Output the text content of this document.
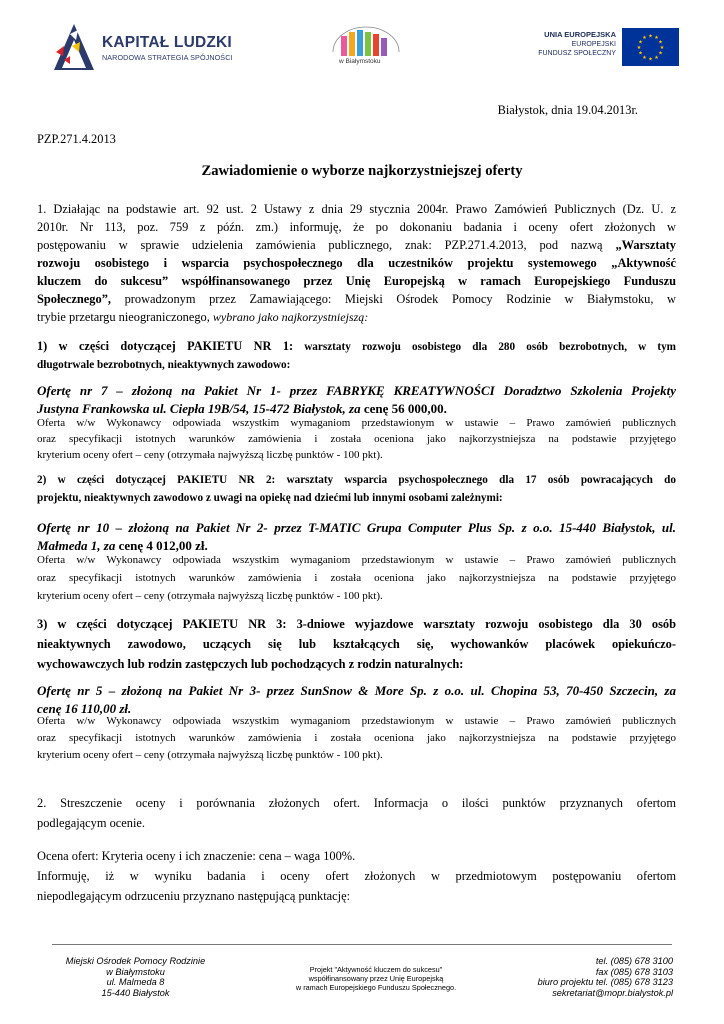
KAPITAŁ LUDZKI
NARODOWA STRATEGIA SPÓJNOŚCI	w Białymstoku
UNIA EUROPEJSKA
EUROPEJSKI
FUNDUSZ SPOŁECZNY
★ ★
★
★
★
★
★
★
★
★
★
★
Białystok, dnia 19.04.2013r.
PZP.271.4.2013
Zawiadomienie o wyborze najkorzystniejszej oferty
1. Działając na podstawie art. 92 ust. 2 Ustawy z dnia 29 stycznia 2004r. Prawo Zamówień Publicznych (Dz. U. z
2010r. Nr 113, poz. 759 z późn. zm.) informuję, że po dokonaniu badania i oceny ofert złożonych w
postępowaniu w sprawie udzielenia zamówienia publicznego, znak: PZP.271.4.2013, pod nazwą „Warsztaty
rozwoju osobistego i wsparcia psychospołecznego dla uczestników projektu systemowego „Aktywność
kluczem do sukcesu” współfinansowanego przez Unię Europejską w ramach Europejskiego Funduszu
Społecznego”, prowadzonym przez Zamawiającego: Miejski Ośrodek Pomocy Rodzinie w Białymstoku, w
trybie przetargu nieograniczonego, wybrano jako najkorzystniejszą:
1) w części dotyczącej PAKIETU NR 1: warsztaty rozwoju osobistego dla 280 osób bezrobotnych, w tym
długotrwale bezrobotnych, nieaktywnych zawodowo:
Ofertę nr 7 – złożoną na Pakiet Nr 1- przez FABRYKĘ KREATYWNOŚCI Doradztwo Szkolenia Projekty
Justyna Frankowska ul. Ciepła 19B/54, 15-472 Białystok, za cenę 56 000,00.
Oferta w/w Wykonawcy odpowiada wszystkim wymaganiom przedstawionym w ustawie – Prawo zamówień publicznych
oraz specyfikacji istotnych warunków zamówienia i została oceniona jako najkorzystniejsza na podstawie przyjętego
kryterium oceny ofert – ceny (otrzymała najwyższą liczbę punktów - 100 pkt).
2) w części dotyczącej PAKIETU NR 2: warsztaty wsparcia psychospołecznego dla 17 osób powracających do
projektu, nieaktywnych zawodowo z uwagi na opiekę nad dziećmi lub innymi osobami zależnymi:
Ofertę nr 10 – złożoną na Pakiet Nr 2- przez T-MATIC Grupa Computer Plus Sp. z o.o. 15-440 Białystok, ul.
Małmeda 1, za cenę 4 012,00 zł.
Oferta w/w Wykonawcy odpowiada wszystkim wymaganiom przedstawionym w ustawie – Prawo zamówień publicznych
oraz specyfikacji istotnych warunków zamówienia i została oceniona jako najkorzystniejsza na podstawie przyjętego
kryterium oceny ofert – ceny (otrzymała najwyższą liczbę punktów - 100 pkt).
3) w części dotyczącej PAKIETU NR 3: 3-dniowe wyjazdowe warsztaty rozwoju osobistego dla 30 osób
nieaktywnych zawodowo, uczących się lub kształcących się, wychowanków placówek opiekuńczo-
wychowawczych lub rodzin zastępczych lub pochodzących z rodzin naturalnych:
Ofertę nr 5 – złożoną na Pakiet Nr 3- przez SunSnow & More Sp. z o.o. ul. Chopina 53, 70-450 Szczecin, za
cenę 16 110,00 zł.
Oferta w/w Wykonawcy odpowiada wszystkim wymaganiom przedstawionym w ustawie – Prawo zamówień publicznych
oraz specyfikacji istotnych warunków zamówienia i została oceniona jako najkorzystniejsza na podstawie przyjętego
kryterium oceny ofert – ceny (otrzymała najwyższą liczbę punktów - 100 pkt).
2. Streszczenie oceny i porównania złożonych ofert. Informacja o ilości punktów przyznanych ofertom
podlegającym ocenie.
Ocena ofert: Kryteria oceny i ich znaczenie: cena – waga 100%.
Informuję, iż w wyniku badania i oceny ofert złożonych w przedmiotowym postępowaniu ofertom
niepodlegającym odrzuceniu przyznano następującą punktację:
Miejski Ośrodek Pomocy Rodzinie
w Białymstoku
ul. Malmeda 8
15-440 Białystok
Projekt "Aktywność kluczem do sukcesu"
współfinansowany przez Unię Europejską
w ramach Europejskiego Funduszu Społecznego.
tel. (085) 678 3100
fax (085) 678 3103
biuro projektu tel. (085) 678 3123
sekretariat@mopr.bialystok.pl
